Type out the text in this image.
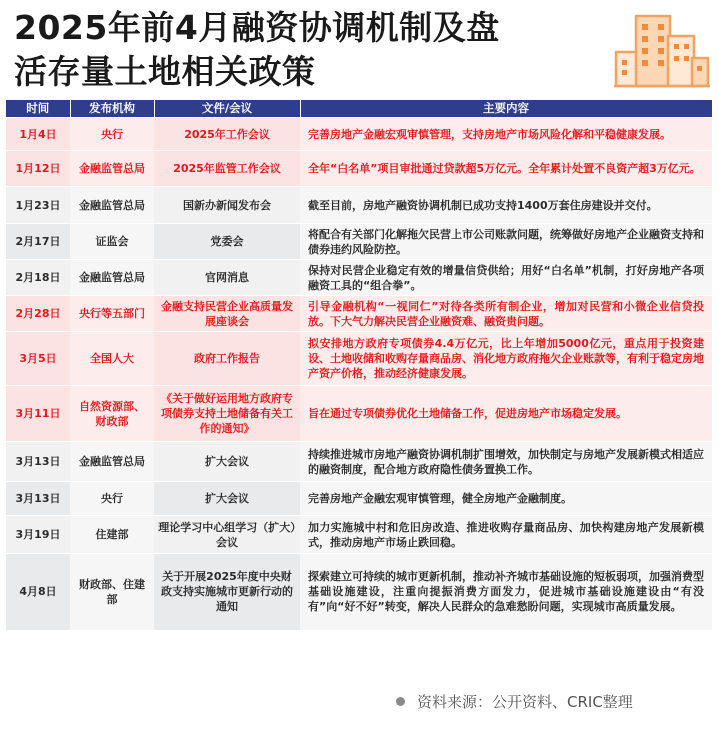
2025年前4月融资协调机制及盘
活存量土地相关政策
时间	发布机构	文件/会议	主要内容
1月4日	央行	2025年工作会议	完善房地产金融宏观审慎管理，支持房地产市场风险化解和平稳健康发展。
1月12日	金融监管总局	2025年监管工作会议	全年“白名单”项目审批通过贷款超5万亿元。全年累计处置不良资产超3万亿元。
1月23日	金融监管总局	国新办新闻发布会	截至目前，房地产融资协调机制已成功支持1400万套住房建设并交付。
2月17日	证监会	党委会	将配合有关部门化解拖欠民营上市公司账款问题，统筹做好房地产企业融资支持和债券违约风险防控。
2月18日	金融监管总局	官网消息	保持对民营企业稳定有效的增量信贷供给；用好“白名单”机制，打好房地产各项融资工具的“组合拳”。
2月28日	央行等五部门	金融支持民营企业高质量发展座谈会	引导金融机构“一视同仁”对待各类所有制企业，增加对民营和小微企业信贷投放。下大气力解决民营企业融资难、融资贵问题。
3月5日	全国人大	政府工作报告	拟安排地方政府专项债券4.4万亿元，比上年增加5000亿元，重点用于投资建设、土地收储和收购存量商品房、消化地方政府拖欠企业账款等，有利于稳定房地产资产价格，推动经济健康发展。
3月11日	自然资源部、财政部	《关于做好运用地方政府专项债券支持土地储备有关工作的通知》	旨在通过专项债券优化土地储备工作，促进房地产市场稳定发展。
3月13日	金融监管总局	扩大会议	持续推进城市房地产融资协调机制扩围增效，加快制定与房地产发展新模式相适应的融资制度，配合地方政府隐性债务置换工作。
3月13日	央行	扩大会议	完善房地产金融宏观审慎管理，健全房地产金融制度。
3月19日	住建部	理论学习中心组学习（扩大）会议	加力实施城中村和危旧房改造、推进收购存量商品房、加快构建房地产发展新模式，推动房地产市场止跌回稳。
4月8日	财政部、住建部	关于开展2025年度中央财政支持实施城市更新行动的通知	探索建立可持续的城市更新机制，推动补齐城市基础设施的短板弱项，加强消费型基础设施建设，注重向提振消费方面发力，促进城市基础设施建设由“有没有”向“好不好”转变，解决人民群众的急难愁盼问题，实现城市高质量发展。
资料来源：公开资料、CRIC整理
